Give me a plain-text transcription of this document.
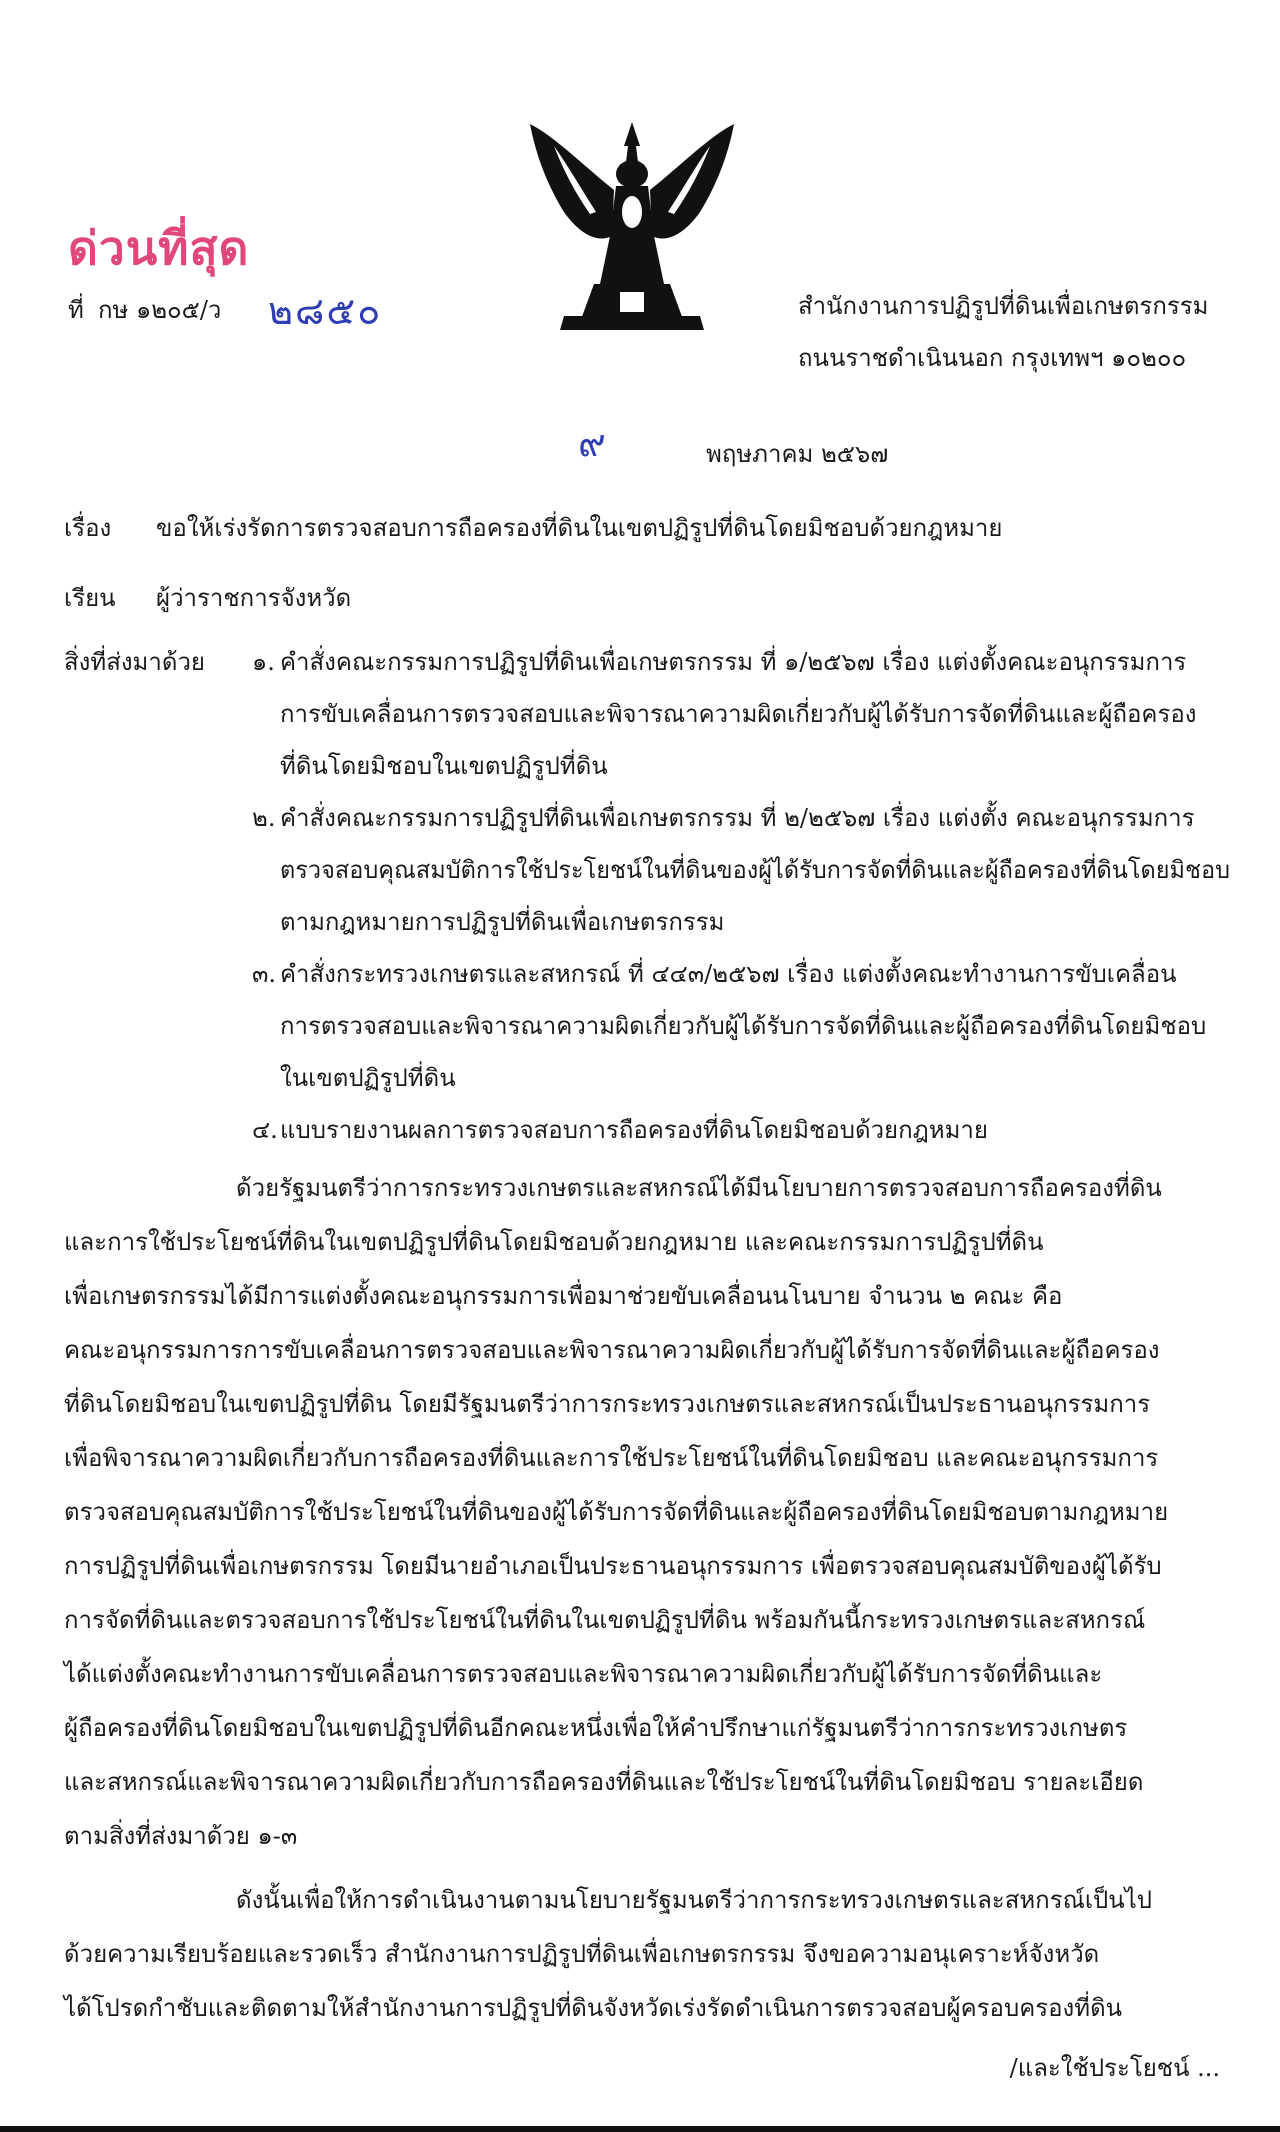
ด่วนที่สุด
ที่ กษ ๑๒๐๕/ว ๒๘๕๐	สำนักงานการปฏิรูปที่ดินเพื่อเกษตรกรรม
ถนนราชดำเนินนอก กรุงเทพฯ ๑๐๒๐๐
๙	พฤษภาคม ๒๕๖๗
เรื่อง ขอให้เร่งรัดการตรวจสอบการถือครองที่ดินในเขตปฏิรูปที่ดินโดยมิชอบด้วยกฎหมาย
เรียน ผู้ว่าราชการจังหวัด
สิ่งที่ส่งมาด้วย ๑. คำสั่งคณะกรรมการปฏิรูปที่ดินเพื่อเกษตรกรรม ที่ ๑/๒๕๖๗ เรื่อง แต่งตั้งคณะอนุกรรมการ
การขับเคลื่อนการตรวจสอบและพิจารณาความผิดเกี่ยวกับผู้ได้รับการจัดที่ดินและผู้ถือครอง
ที่ดินโดยมิชอบในเขตปฏิรูปที่ดิน
๒. คำสั่งคณะกรรมการปฏิรูปที่ดินเพื่อเกษตรกรรม ที่ ๒/๒๕๖๗ เรื่อง แต่งตั้ง คณะอนุกรรมการ
ตรวจสอบคุณสมบัติการใช้ประโยชน์ในที่ดินของผู้ได้รับการจัดที่ดินและผู้ถือครองที่ดินโดยมิชอบ
ตามกฎหมายการปฏิรูปที่ดินเพื่อเกษตรกรรม
๓. คำสั่งกระทรวงเกษตรและสหกรณ์ ที่ ๔๔๓/๒๕๖๗ เรื่อง แต่งตั้งคณะทำงานการขับเคลื่อน
การตรวจสอบและพิจารณาความผิดเกี่ยวกับผู้ได้รับการจัดที่ดินและผู้ถือครองที่ดินโดยมิชอบ
ในเขตปฏิรูปที่ดิน
๔. แบบรายงานผลการตรวจสอบการถือครองที่ดินโดยมิชอบด้วยกฎหมาย
ด้วยรัฐมนตรีว่าการกระทรวงเกษตรและสหกรณ์ได้มีนโยบายการตรวจสอบการถือครองที่ดิน
และการใช้ประโยชน์ที่ดินในเขตปฏิรูปที่ดินโดยมิชอบด้วยกฎหมาย และคณะกรรมการปฏิรูปที่ดิน
เพื่อเกษตรกรรมได้มีการแต่งตั้งคณะอนุกรรมการเพื่อมาช่วยขับเคลื่อนนโนบาย จำนวน ๒ คณะ คือ
คณะอนุกรรมการการขับเคลื่อนการตรวจสอบและพิจารณาความผิดเกี่ยวกับผู้ได้รับการจัดที่ดินและผู้ถือครอง
ที่ดินโดยมิชอบในเขตปฏิรูปที่ดิน โดยมีรัฐมนตรีว่าการกระทรวงเกษตรและสหกรณ์เป็นประธานอนุกรรมการ
เพื่อพิจารณาความผิดเกี่ยวกับการถือครองที่ดินและการใช้ประโยชน์ในที่ดินโดยมิชอบ และคณะอนุกรรมการ
ตรวจสอบคุณสมบัติการใช้ประโยชน์ในที่ดินของผู้ได้รับการจัดที่ดินและผู้ถือครองที่ดินโดยมิชอบตามกฎหมาย
การปฏิรูปที่ดินเพื่อเกษตรกรรม โดยมีนายอำเภอเป็นประธานอนุกรรมการ เพื่อตรวจสอบคุณสมบัติของผู้ได้รับ
การจัดที่ดินและตรวจสอบการใช้ประโยชน์ในที่ดินในเขตปฏิรูปที่ดิน พร้อมกันนี้กระทรวงเกษตรและสหกรณ์
ได้แต่งตั้งคณะทำงานการขับเคลื่อนการตรวจสอบและพิจารณาความผิดเกี่ยวกับผู้ได้รับการจัดที่ดินและ
ผู้ถือครองที่ดินโดยมิชอบในเขตปฏิรูปที่ดินอีกคณะหนึ่งเพื่อให้คำปรึกษาแก่รัฐมนตรีว่าการกระทรวงเกษตร
และสหกรณ์และพิจารณาความผิดเกี่ยวกับการถือครองที่ดินและใช้ประโยชน์ในที่ดินโดยมิชอบ รายละเอียด
ตามสิ่งที่ส่งมาด้วย ๑-๓
ดังนั้นเพื่อให้การดำเนินงานตามนโยบายรัฐมนตรีว่าการกระทรวงเกษตรและสหกรณ์เป็นไป
ด้วยความเรียบร้อยและรวดเร็ว สำนักงานการปฏิรูปที่ดินเพื่อเกษตรกรรม จึงขอความอนุเคราะห์จังหวัด
ได้โปรดกำชับและติดตามให้สำนักงานการปฏิรูปที่ดินจังหวัดเร่งรัดดำเนินการตรวจสอบผู้ครอบครองที่ดิน
/และใช้ประโยชน์ ...
